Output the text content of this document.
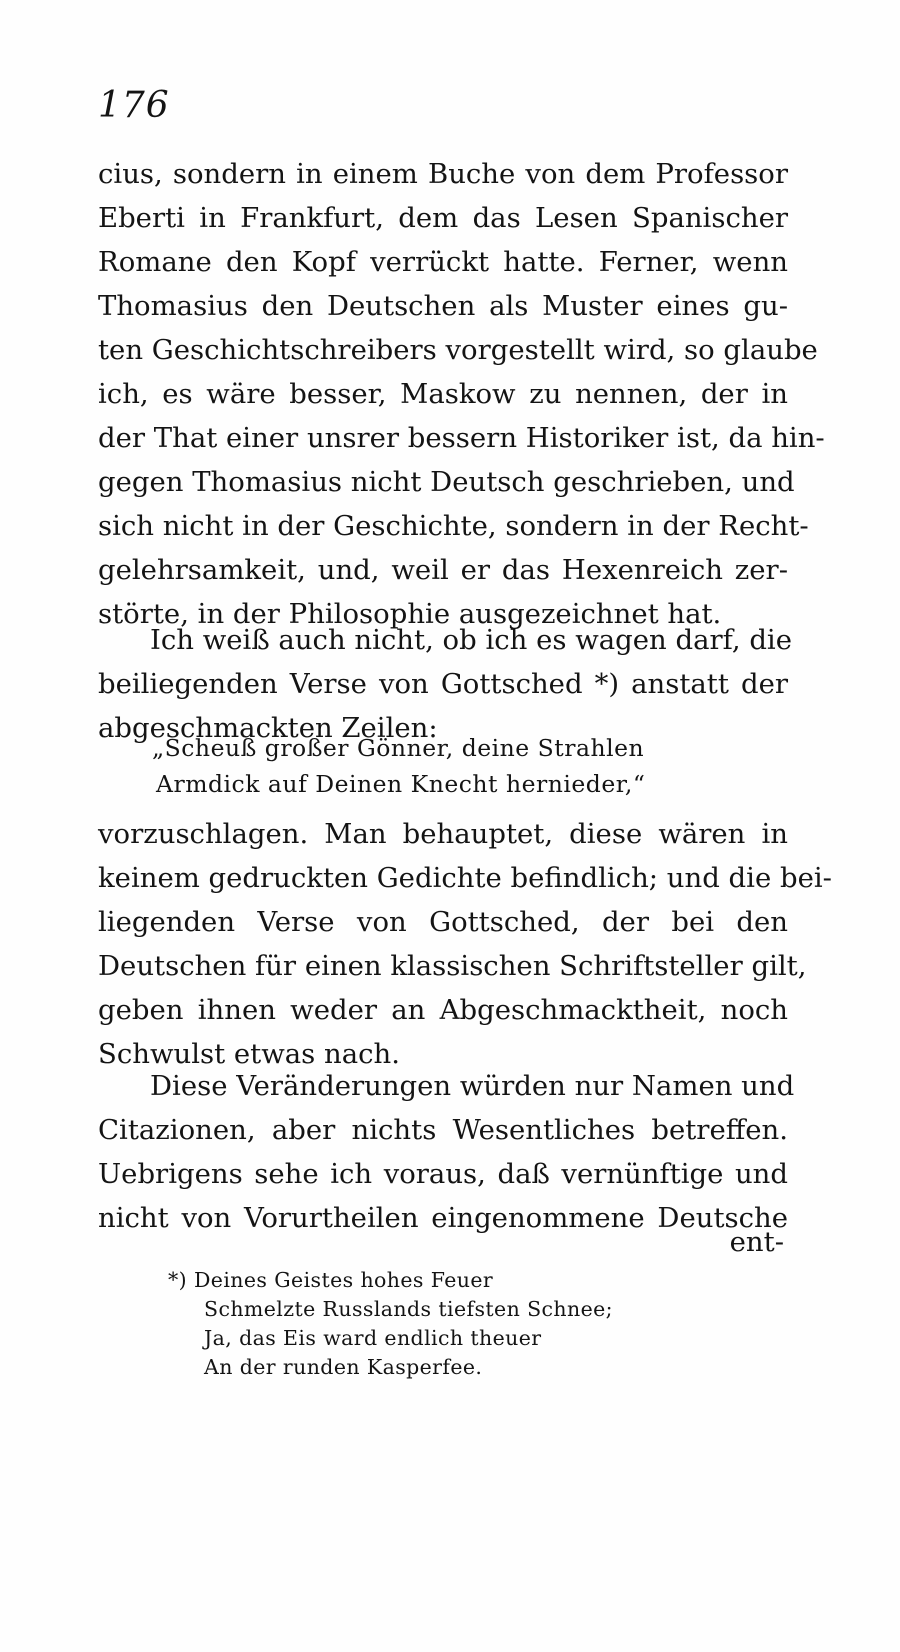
176
cius, sondern in einem Buche von dem Professor
Eberti in Frankfurt, dem das Lesen Spanischer
Romane den Kopf verrückt hatte. Ferner, wenn
Thomasius den Deutschen als Muster eines gu-
ten Geschichtschreibers vorgestellt wird, so glaube
ich, es wäre besser, Maskow zu nennen, der in
der That einer unsrer bessern Historiker ist, da hin-
gegen Thomasius nicht Deutsch geschrieben, und
sich nicht in der Geschichte, sondern in der Recht-
gelehrsamkeit, und, weil er das Hexenreich zer-
störte, in der Philosophie ausgezeichnet hat.
Ich weiß auch nicht, ob ich es wagen darf, die
beiliegenden Verse von Gottsched *) anstatt der
abgeschmackten Zeilen:
„Scheuß großer Gönner, deine Strahlen
Armdick auf Deinen Knecht hernieder,“
vorzuschlagen. Man behauptet, diese wären in
keinem gedruckten Gedichte befindlich; und die bei-
liegenden Verse von Gottsched, der bei den
Deutschen für einen klassischen Schriftsteller gilt,
geben ihnen weder an Abgeschmacktheit, noch
Schwulst etwas nach.
Diese Veränderungen würden nur Namen und
Citazionen, aber nichts Wesentliches betreffen.
Uebrigens sehe ich voraus, daß vernünftige und
nicht von Vorurtheilen eingenommene Deutsche
ent-
*) Deines Geistes hohes Feuer
Schmelzte Russlands tiefsten Schnee;
Ja, das Eis ward endlich theuer
An der runden Kasperfee.
